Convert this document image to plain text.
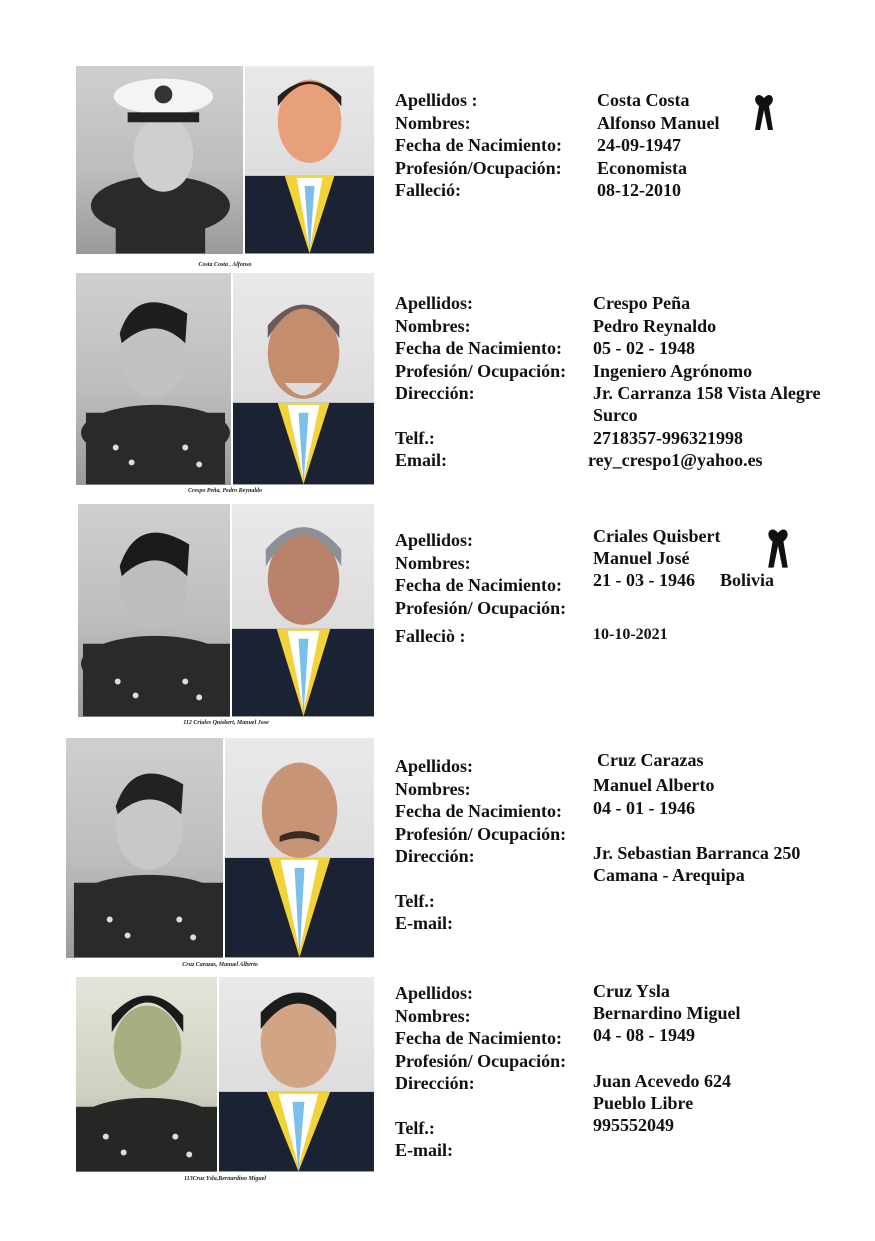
Costa Costa , Alfonso
Apellidos :
Nombres:
Fecha de Nacimiento:
Profesión/Ocupación:
Falleció:
Costa Costa
Alfonso Manuel
24-09-1947
Economista
08-12-2010
Crespo Peña, Pedro Reynaldo
Apellidos:
Nombres:
Fecha de Nacimiento:
Profesión/ Ocupación:
Dirección:
Telf.:
Email:
Crespo Peña
Pedro Reynaldo
05 - 02 - 1948
Ingeniero Agrónomo
Jr. Carranza 158 Vista Alegre
Surco
2718357-996321998
rey_crespo1@yahoo.es
112 Criales Quisbert, Manuel Jose
Apellidos:
Nombres:
Fecha de Nacimiento:
Profesión/ Ocupación:
Falleciò :
Criales Quisbert
Manuel José
21 - 03 - 1946 Bolivia
10-10-2021
Cruz Carazas, Manuel Alberto
Apellidos:
Nombres:
Fecha de Nacimiento:
Profesión/ Ocupación:
Dirección:
Telf.:
E-mail:
Cruz Carazas
Manuel Alberto
04 - 01 - 1946
Jr. Sebastian Barranca 250
Camana - Arequipa
113Cruz Ysla,Bernardino Miguel
Apellidos:
Nombres:
Fecha de Nacimiento:
Profesión/ Ocupación:
Dirección:
Telf.:
E-mail:
Cruz Ysla
Bernardino Miguel
04 - 08 - 1949
Juan Acevedo 624
Pueblo Libre
995552049
